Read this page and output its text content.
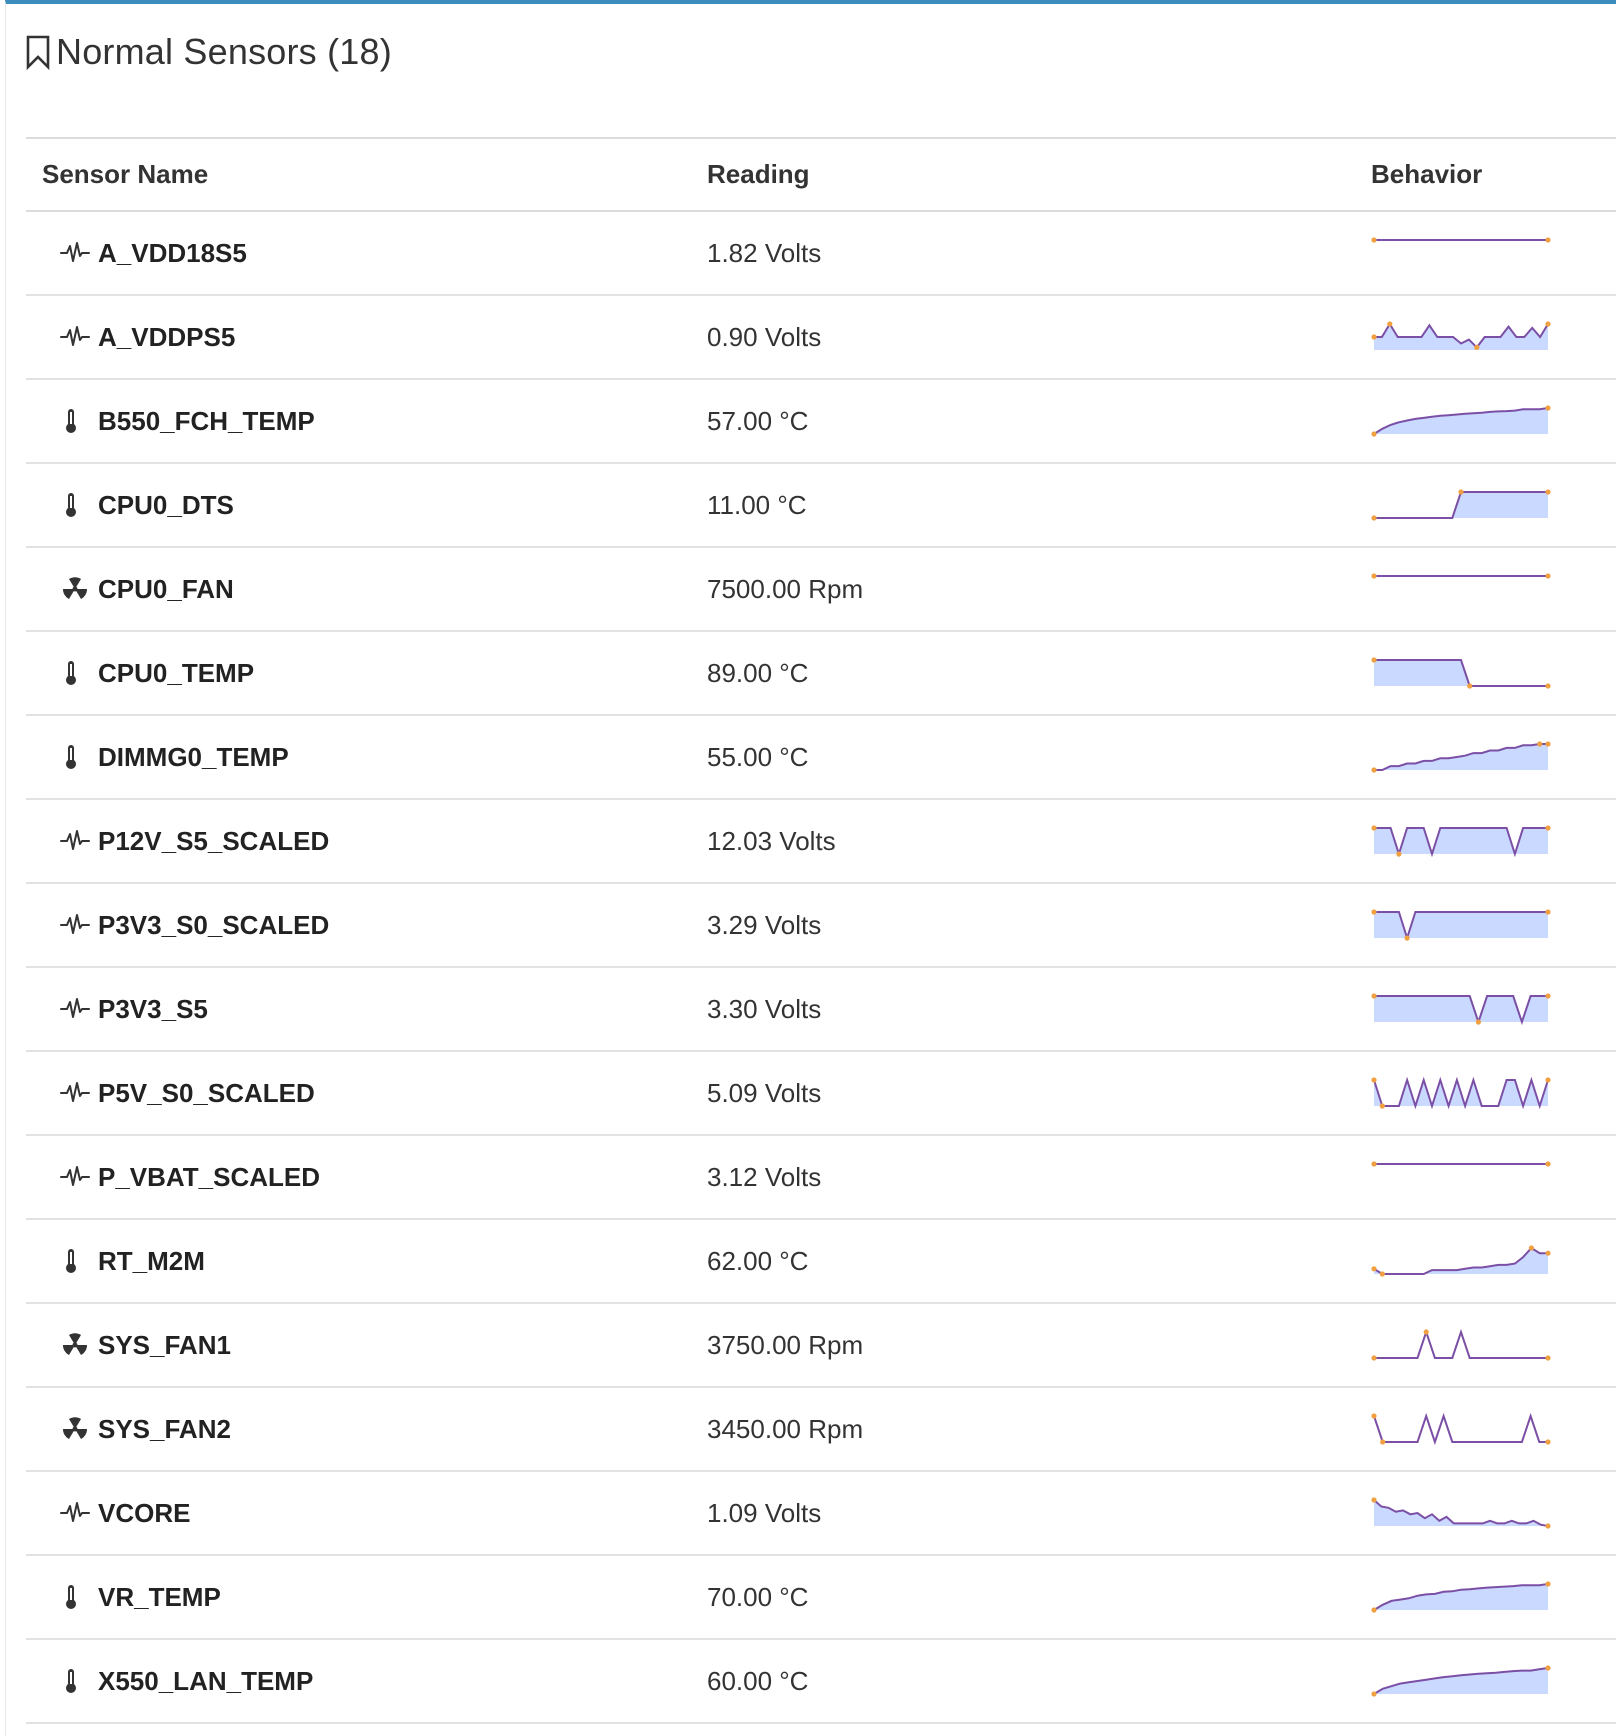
Normal Sensors (18)
Sensor Name	Reading	Behavior

A_VDD18S5	1.82 Volts	

A_VDDPS5	0.90 Volts	

B550_FCH_TEMP	57.00 °C	

CPU0_DTS	11.00 °C	

CPU0_FAN	7500.00 Rpm	

CPU0_TEMP	89.00 °C	

DIMMG0_TEMP	55.00 °C	

P12V_S5_SCALED	12.03 Volts	

P3V3_S0_SCALED	3.29 Volts	

P3V3_S5	3.30 Volts	

P5V_S0_SCALED	5.09 Volts	

P_VBAT_SCALED	3.12 Volts	

RT_M2M	62.00 °C	

SYS_FAN1	3750.00 Rpm	

SYS_FAN2	3450.00 Rpm	

VCORE	1.09 Volts	

VR_TEMP	70.00 °C	

X550_LAN_TEMP	60.00 °C	
